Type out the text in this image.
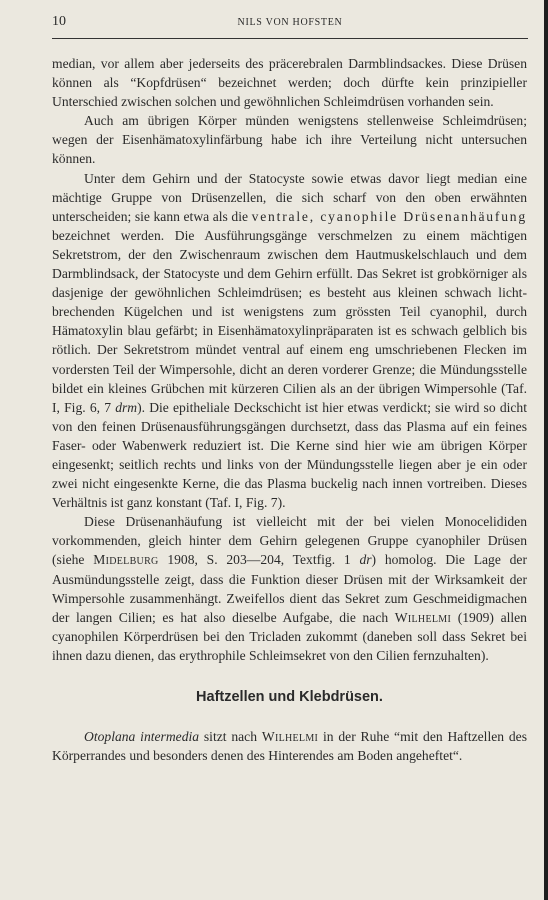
10	NILS VON HOFSTEN

median, vor allem aber jederseits des präcerebralen Darmblindsackes. Diese Drüsen können als “Kopfdrüsen“ bezeichnet werden; doch dürfte kein prinzipieller Unterschied zwischen solchen und gewöhnlichen Schleimdrüsen vorhanden sein.

Auch am übrigen Körper münden wenigstens stellenweise Schleimdrüsen; wegen der Eisenhämatoxylinfärbung habe ich ihre Verteilung nicht untersuchen können.

Unter dem Gehirn und der Statocyste sowie etwas davor liegt median eine mächtige Gruppe von Drüsenzellen, die sich scharf von den oben erwähnten unterscheiden; sie kann etwa als die ventrale, cyanophile Drüsenanhäufung bezeichnet werden. Die Ausführungsgänge verschmelzen zu einem mächtigen Sekretstrom, der den Zwischenraum zwischen dem Hautmuskelschlauch und dem Darmblindsack, der Statocyste und dem Gehirn erfüllt. Das Sekret ist grobkörniger als dasjenige der gewöhnlichen Schleimdrüsen; es besteht aus kleinen schwach lichtbrechenden Kügelchen und ist wenigstens zum grössten Teil cyanophil, durch Hämatoxylin blau gefärbt; in Eisenhämatoxylinpräparaten ist es schwach gelblich bis rötlich. Der Sekretstrom mündet ventral auf einem eng umschriebenen Flecken im vordersten Teil der Wimpersohle, dicht an deren vorderer Grenze; die Mündungsstelle bildet ein kleines Grübchen mit kürzeren Cilien als an der übrigen Wimpersohle (Taf. I, Fig. 6, 7 drm). Die epitheliale Deckschicht ist hier etwas verdickt; sie wird so dicht von den feinen Drüsenausführungsgängen durchsetzt, dass das Plasma auf ein feines Faser- oder Wabenwerk reduziert ist. Die Kerne sind hier wie am übrigen Körper eingesenkt; seitlich rechts und links von der Mündungsstelle liegen aber je ein oder zwei nicht eingesenkte Kerne, die das Plasma buckelig nach innen vortreiben. Dieses Verhältnis ist ganz konstant (Taf. I, Fig. 7).

Diese Drüsenanhäufung ist vielleicht mit der bei vielen Monocelididen vorkommenden, gleich hinter dem Gehirn gelegenen Gruppe cyanophiler Drüsen (siehe Midelburg 1908, S. 203—204, Textfig. 1 dr) homolog. Die Lage der Ausmündungsstelle zeigt, dass die Funktion dieser Drüsen mit der Wirksamkeit der Wimpersohle zusammenhängt. Zweifellos dient das Sekret zum Geschmeidigmachen der langen Cilien; es hat also dieselbe Aufgabe, die nach Wilhelmi (1909) allen cyanophilen Körperdrüsen bei den Tricladen zukommt (daneben soll dass Sekret bei ihnen dazu dienen, das erythrophile Schleimsekret von den Cilien fernzuhalten).

Haftzellen und Klebdrüsen.

Otoplana intermedia sitzt nach Wilhelmi in der Ruhe “mit den Haftzellen des Körperrandes und besonders denen des Hinterendes am Boden angeheftet“.
